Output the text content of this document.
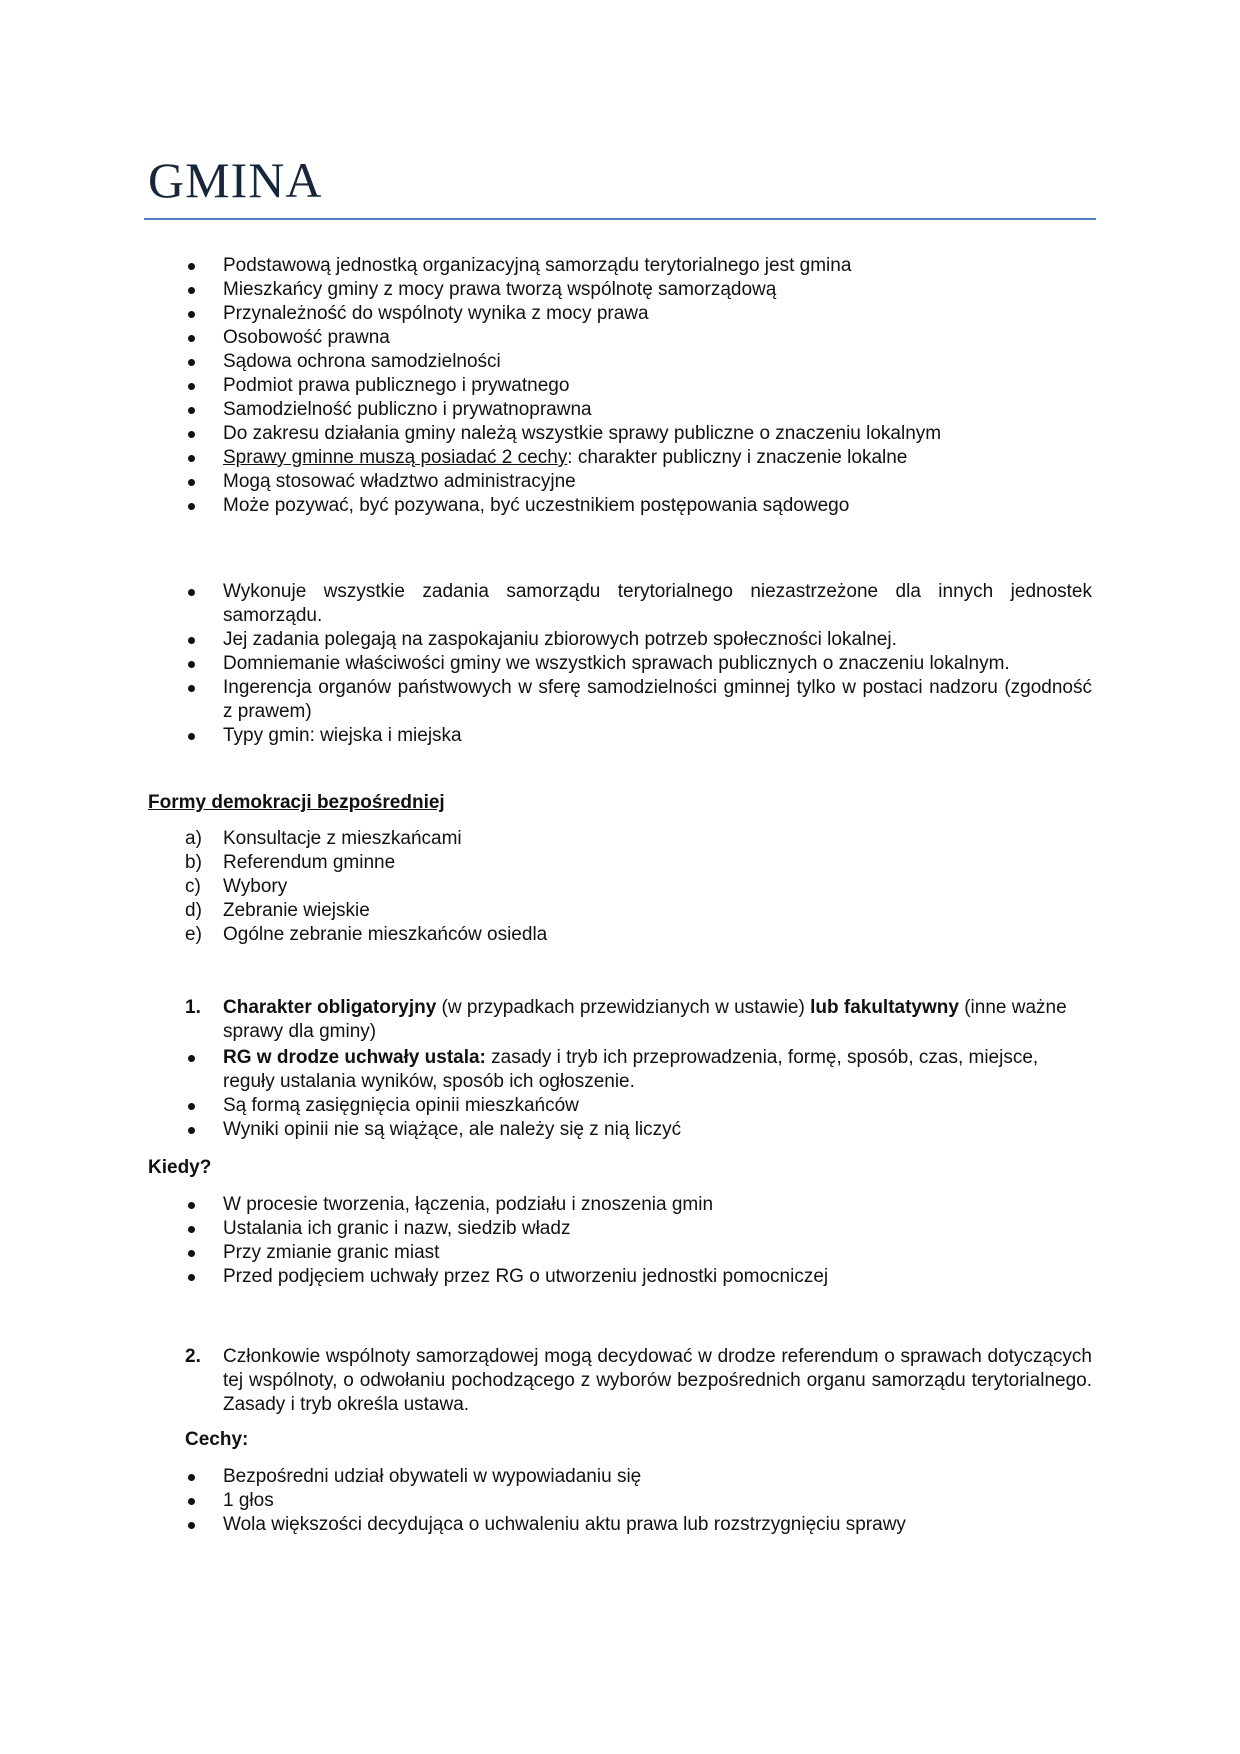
GMINA
Podstawową jednostką organizacyjną samorządu terytorialnego jest gmina
Mieszkańcy gminy z mocy prawa tworzą wspólnotę samorządową
Przynależność do wspólnoty wynika z mocy prawa
Osobowość prawna
Sądowa ochrona samodzielności
Podmiot prawa publicznego i prywatnego
Samodzielność publiczno i prywatnoprawna
Do zakresu działania gminy należą wszystkie sprawy publiczne o znaczeniu lokalnym
Sprawy gminne muszą posiadać 2 cechy: charakter publiczny i znaczenie lokalne
Mogą stosować władztwo administracyjne
Może pozywać, być pozywana, być uczestnikiem postępowania sądowego
Wykonuje wszystkie zadania samorządu terytorialnego niezastrzeżone dla innych jednostek samorządu.
Jej zadania polegają na zaspokajaniu zbiorowych potrzeb społeczności lokalnej.
Domniemanie właściwości gminy we wszystkich sprawach publicznych o znaczeniu lokalnym.
Ingerencja organów państwowych w sferę samodzielności gminnej tylko w postaci nadzoru (zgodność z prawem)
Typy gmin: wiejska i miejska
Formy demokracji bezpośredniej
a) Konsultacje z mieszkańcami
b) Referendum gminne
c) Wybory
d) Zebranie wiejskie
e) Ogólne zebranie mieszkańców osiedla
1. Charakter obligatoryjny (w przypadkach przewidzianych w ustawie) lub fakultatywny (inne ważne sprawy dla gminy)
RG w drodze uchwały ustala: zasady i tryb ich przeprowadzenia, formę, sposób, czas, miejsce, reguły ustalania wyników, sposób ich ogłoszenie.
Są formą zasięgnięcia opinii mieszkańców
Wyniki opinii nie są wiążące, ale należy się z nią liczyć
Kiedy?
W procesie tworzenia, łączenia, podziału i znoszenia gmin
Ustalania ich granic i nazw, siedzib władz
Przy zmianie granic miast
Przed podjęciem uchwały przez RG o utworzeniu jednostki pomocniczej
2. Członkowie wspólnoty samorządowej mogą decydować w drodze referendum o sprawach dotyczących tej wspólnoty, o odwołaniu pochodzącego z wyborów bezpośrednich organu samorządu terytorialnego. Zasady i tryb określa ustawa.
Cechy:
Bezpośredni udział obywateli w wypowiadaniu się
1 głos
Wola większości decydująca o uchwaleniu aktu prawa lub rozstrzygnięciu sprawy
